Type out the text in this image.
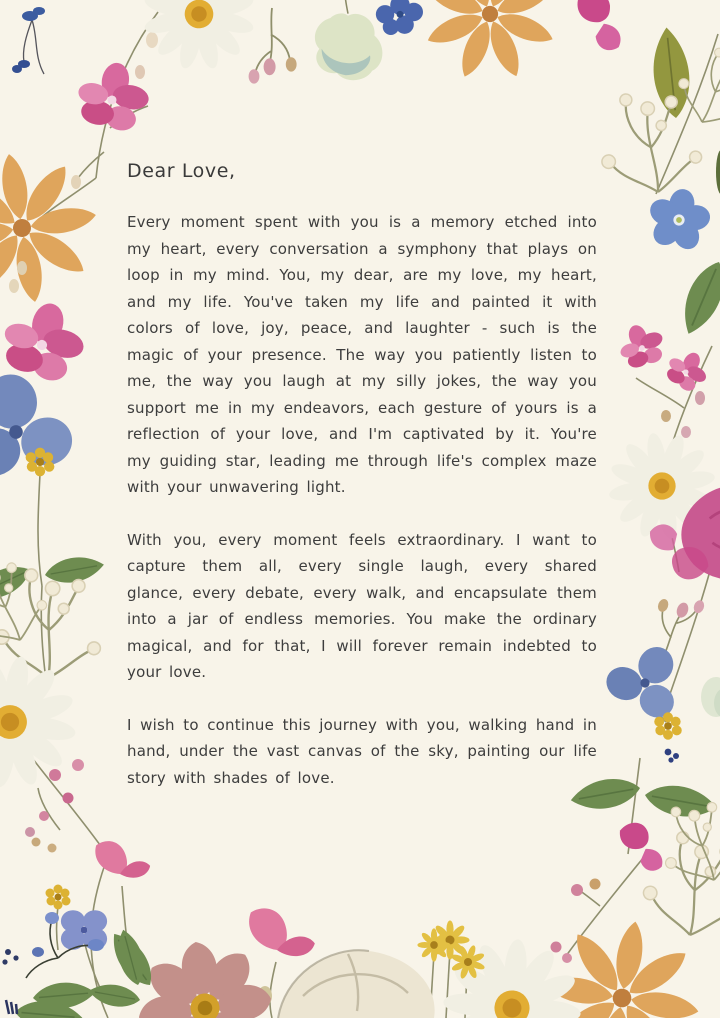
Dear Love,

Every moment spent with you is a memory etched into my heart, every conversation a symphony that plays on loop in my mind. You, my dear, are my love, my heart, and my life. You've taken my life and painted it with colors of love, joy, peace, and laughter - such is the magic of your presence. The way you patiently listen to me, the way you laugh at my silly jokes, the way you support me in my endeavors, each gesture of yours is a reflection of your love, and I'm captivated by it. You're my guiding star, leading me through life's complex maze with your unwavering light.

With you, every moment feels extraordinary. I want to capture them all, every single laugh, every shared glance, every debate, every walk, and encapsulate them into a jar of endless memories. You make the ordinary magical, and for that, I will forever remain indebted to your love.

I wish to continue this journey with you, walking hand in hand, under the vast canvas of the sky, painting our life story with shades of love.
